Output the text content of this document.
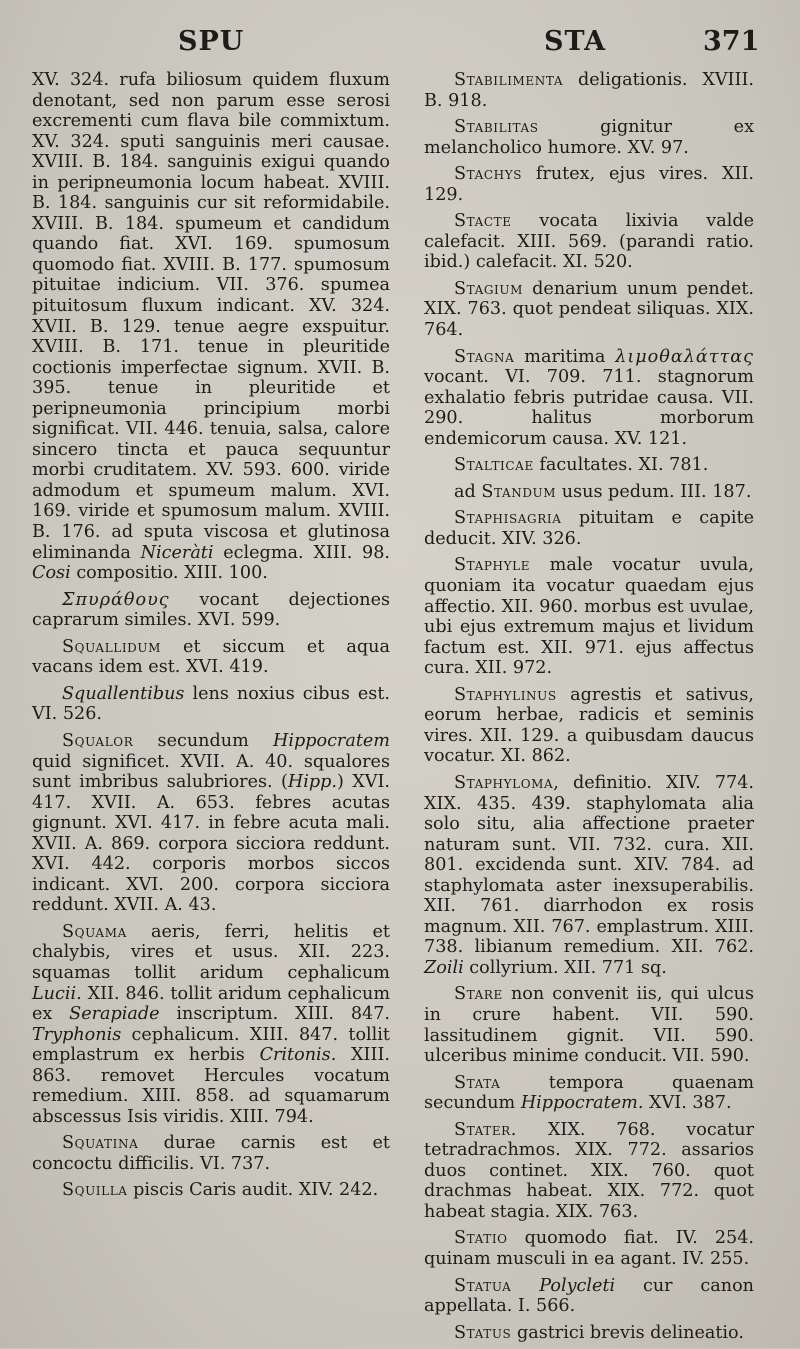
SPU	STA	371

XV. 324. rufa biliosum quidem fluxum denotant, sed non parum esse serosi excrementi cum flava bile commixtum. XV. 324. sputi sanguinis meri causae. XVIII. B. 184. sanguinis exigui quando in peripneumonia locum habeat. XVIII. B. 184. sanguinis cur sit reformidabile. XVIII. B. 184. spumeum et candidum quando fiat. XVI. 169. spumosum quomodo fiat. XVIII. B. 177. spumosum pituitae indicium. VII. 376. spumea pituitosum fluxum indicant. XV. 324. XVII. B. 129. tenue aegre exspuitur. XVIII. B. 171. tenue in pleuritide coctionis imperfectae signum. XVII. B. 395. tenue in pleuritide et peripneumonia principium morbi significat. VII. 446. tenuia, salsa, calore sincero tincta et pauca sequuntur morbi cruditatem. XV. 593. 600. viride admodum et spumeum malum. XVI. 169. viride et spumosum malum. XVIII. B. 176. ad sputa viscosa et glutinosa eliminanda Niceràti eclegma. XIII. 98. Cosi compositio. XIII. 100.

Σπυράθους vocant dejectiones caprarum similes. XVI. 599.

Squallidum et siccum et aqua vacans idem est. XVI. 419.

Squallentibus lens noxius cibus est. VI. 526.

Squalor secundum Hippocratem quid significet. XVII. A. 40. squalores sunt imbribus salubriores. (Hipp.) XVI. 417. XVII. A. 653. febres acutas gignunt. XVI. 417. in febre acuta mali. XVII. A. 869. corpora sicciora reddunt. XVI. 442. corporis morbos siccos indicant. XVI. 200. corpora sicciora reddunt. XVII. A. 43.

Squama aeris, ferri, helitis et chalybis, vires et usus. XII. 223. squamas tollit aridum cephalicum Lucii. XII. 846. tollit aridum cephalicum ex Serapiade inscriptum. XIII. 847. Tryphonis cephalicum. XIII. 847. tollit emplastrum ex herbis Critonis. XIII. 863. removet Hercules vocatum remedium. XIII. 858. ad squamarum abscessus Isis viridis. XIII. 794.

Squatina durae carnis est et concoctu difficilis. VI. 737.

Squilla piscis Caris audit. XIV. 242.

Stabilimenta deligationis. XVIII. B. 918.

Stabilitas	gignitur ex melancholico humore. XV. 97.

Stachys frutex, ejus vires. XII. 129.

Stacte vocata lixivia valde calefacit. XIII. 569. (parandi ratio. ibid.) calefacit. XI. 520.

Stagium denarium unum pendet. XIX. 763. quot pendeat siliquas. XIX. 764.

Stagna maritima λιμοθαλάττας vocant. VI. 709. 711. stagnorum exhalatio febris putridae causa. VII. 290. halitus morborum endemicorum causa. XV. 121.

Stalticae facultates. XI. 781.

ad Standum usus pedum. III. 187.

Staphisagria pituitam e capite deducit. XIV. 326.

Staphyle male vocatur uvula, quoniam ita vocatur quaedam ejus affectio. XII. 960. morbus est uvulae, ubi ejus extremum majus et lividum factum est. XII. 971. ejus affectus cura. XII. 972.

Staphylinus agrestis et sativus, eorum herbae, radicis et seminis vires. XII. 129. a quibusdam daucus vocatur. XI. 862.

Staphyloma, definitio. XIV. 774. XIX. 435. 439. staphylomata alia solo situ, alia affectione praeter naturam sunt. VII. 732. cura. XII. 801. excidenda sunt. XIV. 784. ad staphylomata aster inexsuperabilis. XII. 761. diarrhodon ex rosis magnum. XII. 767. emplastrum. XIII. 738. libianum remedium. XII. 762. Zoili collyrium. XII. 771 sq.

Stare non convenit iis, qui ulcus in crure habent. VII. 590. lassitudinem gignit. VII. 590. ulceribus minime conducit. VII. 590.

Stata	tempora quaenam secundum Hippocratem. XVI. 387.

Stater. XIX. 768. vocatur tetradrachmos. XIX. 772. assarios duos continet. XIX. 760. quot drachmas habeat. XIX. 772. quot habeat stagia. XIX. 763.

Statio quomodo fiat. IV. 254. quinam musculi in ea agant. IV. 255.

Statua Polycleti cur canon appellata. I. 566.

Status gastrici brevis delineatio.
